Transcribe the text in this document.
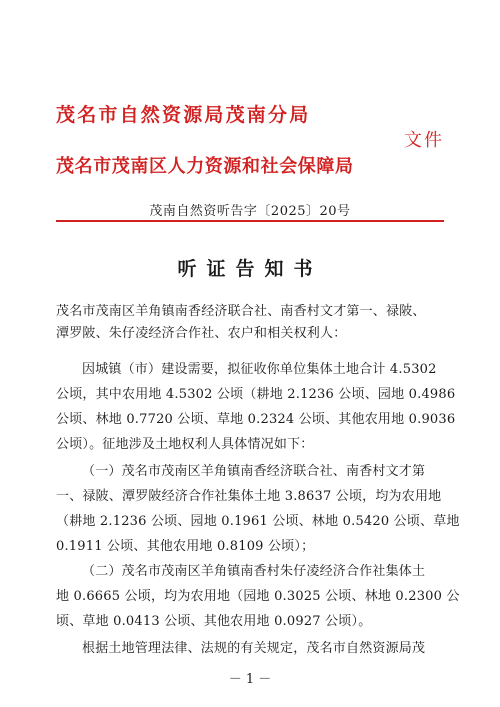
茂名市自然资源局茂南分局
文件
茂名市茂南区人力资源和社会保障局
茂南自然资听告字〔2025〕20号
听证告知书
茂名市茂南区羊角镇南香经济联合社、南香村文才第一、禄陂、
潭罗陂、朱仔凌经济合作社、农户和相关权利人：
因城镇（市）建设需要，拟征收你单位集体土地合计 4.5302
公顷，其中农用地 4.5302 公顷（耕地 2.1236 公顷、园地 0.4986
公顷、林地 0.7720 公顷、草地 0.2324 公顷、其他农用地 0.9036
公顷）。征地涉及土地权利人具体情况如下：
（一）茂名市茂南区羊角镇南香经济联合社、南香村文才第
一、禄陂、潭罗陂经济合作社集体土地 3.8637 公顷，均为农用地
（耕地 2.1236 公顷、园地 0.1961 公顷、林地 0.5420 公顷、草地
0.1911 公顷、其他农用地 0.8109 公顷）；
（二）茂名市茂南区羊角镇南香村朱仔凌经济合作社集体土
地 0.6665 公顷，均为农用地（园地 0.3025 公顷、林地 0.2300 公
顷、草地 0.0413 公顷、其他农用地 0.0927 公顷）。
根据土地管理法律、法规的有关规定，茂名市自然资源局茂
－ 1 －
